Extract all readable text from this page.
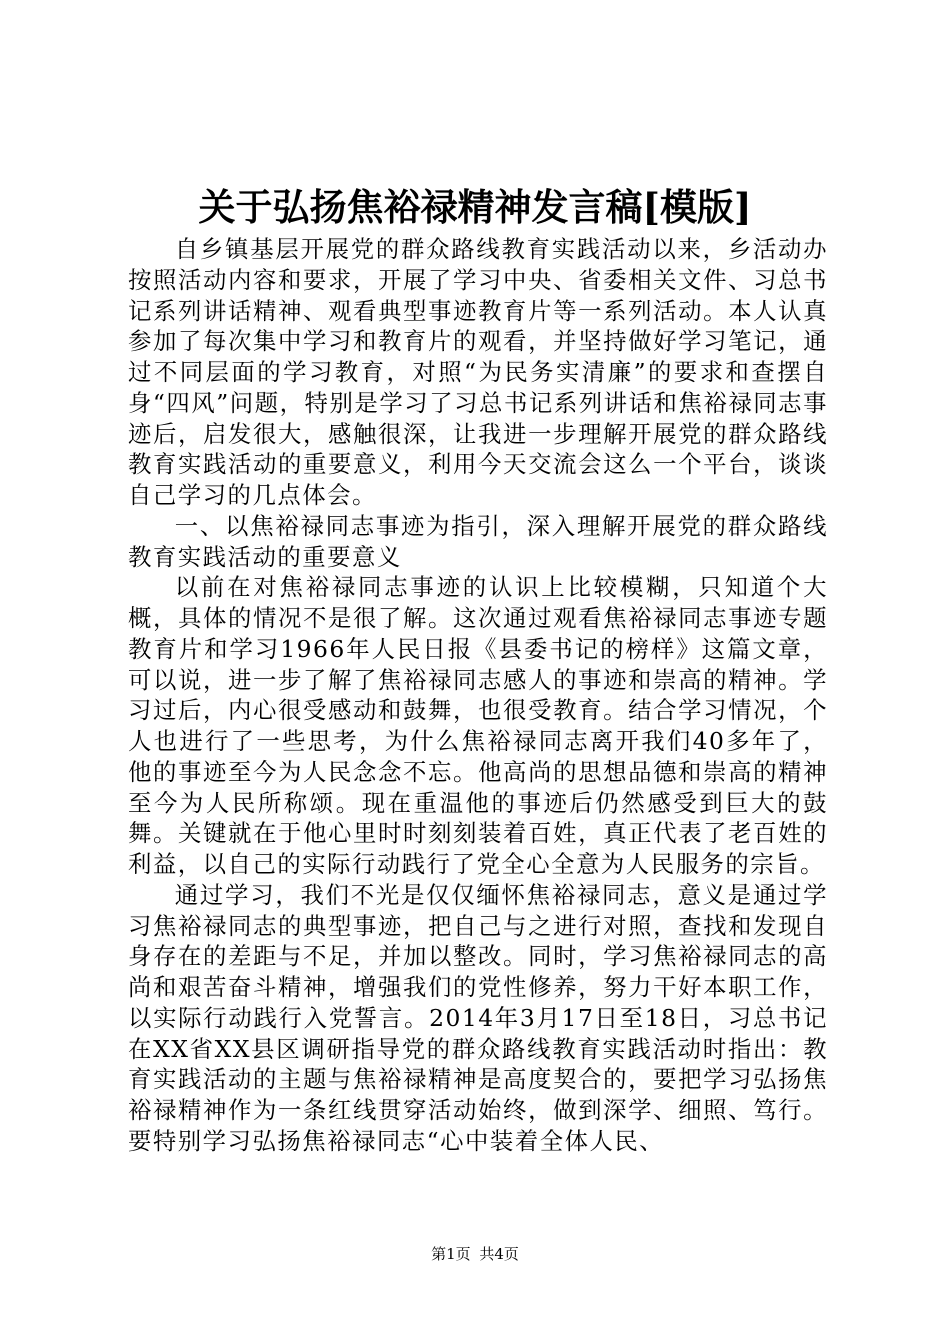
关于弘扬焦裕禄精神发言稿[模版]

自乡镇基层开展党的群众路线教育实践活动以来，乡活动办按照活动内容和要求，开展了学习中央、省委相关文件、习总书记系列讲话精神、观看典型事迹教育片等一系列活动。本人认真参加了每次集中学习和教育片的观看，并坚持做好学习笔记，通过不同层面的学习教育，对照“为民务实清廉”的要求和查摆自身“四风”问题，特别是学习了习总书记系列讲话和焦裕禄同志事迹后，启发很大，感触很深，让我进一步理解开展党的群众路线教育实践活动的重要意义，利用今天交流会这么一个平台，谈谈自己学习的几点体会。

一、以焦裕禄同志事迹为指引，深入理解开展党的群众路线教育实践活动的重要意义

以前在对焦裕禄同志事迹的认识上比较模糊，只知道个大概，具体的情况不是很了解。这次通过观看焦裕禄同志事迹专题教育片和学习1966年人民日报《县委书记的榜样》这篇文章，可以说，进一步了解了焦裕禄同志感人的事迹和崇高的精神。学习过后，内心很受感动和鼓舞，也很受教育。结合学习情况，个人也进行了一些思考，为什么焦裕禄同志离开我们40多年了，他的事迹至今为人民念念不忘。他高尚的思想品德和崇高的精神至今为人民所称颂。现在重温他的事迹后仍然感受到巨大的鼓舞。关键就在于他心里时时刻刻装着百姓，真正代表了老百姓的利益，以自己的实际行动践行了党全心全意为人民服务的宗旨。

通过学习，我们不光是仅仅缅怀焦裕禄同志，意义是通过学习焦裕禄同志的典型事迹，把自己与之进行对照，查找和发现自身存在的差距与不足，并加以整改。同时，学习焦裕禄同志的高尚和艰苦奋斗精神，增强我们的党性修养，努力干好本职工作，以实际行动践行入党誓言。2014年3月17日至18日，习总书记在XX省XX县区调研指导党的群众路线教育实践活动时指出：教育实践活动的主题与焦裕禄精神是高度契合的，要把学习弘扬焦裕禄精神作为一条红线贯穿活动始终，做到深学、细照、笃行。要特别学习弘扬焦裕禄同志“心中装着全体人民、

第1页 共4页
